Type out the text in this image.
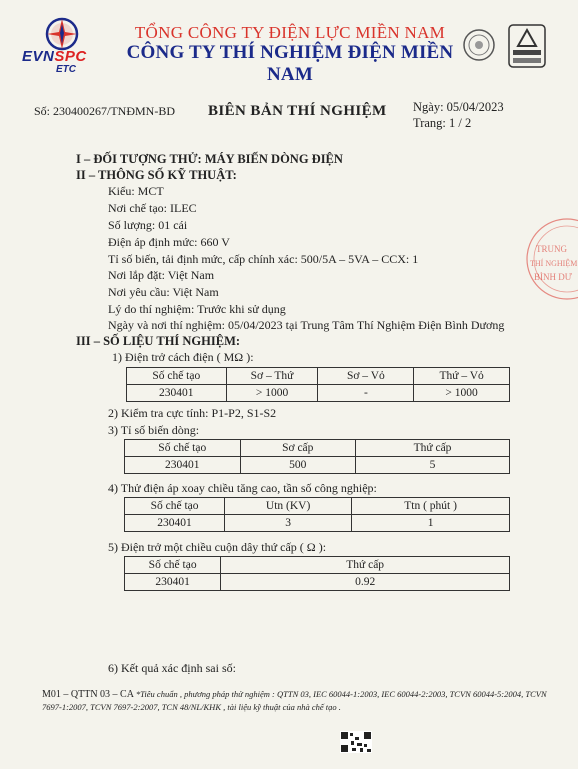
EVNSPC
ETC
TỔNG CÔNG TY ĐIỆN LỰC MIỀN NAM
CÔNG TY THÍ NGHIỆM ĐIỆN MIỀN NAM
Số: 230400267/TNĐMN-BD BIÊN BẢN THÍ NGHIỆM Ngày: 05/04/2023
Trang: 1 / 2
I – ĐỐI TƯỢNG THỬ: MÁY BIẾN DÒNG ĐIỆN
II – THÔNG SỐ KỸ THUẬT:
Kiểu: MCT
Nơi chế tạo: ILEC
Số lượng: 01 cái
Điện áp định mức: 660 V
Tỉ số biến, tải định mức, cấp chính xác: 500/5A – 5VA – CCX: 1
Nơi lắp đặt: Việt Nam
Nơi yêu cầu: Việt Nam
Lý do thí nghiệm: Trước khi sử dụng
Ngày và nơi thí nghiệm: 05/04/2023 tại Trung Tâm Thí Nghiệm Điện Bình Dương
III – SỐ LIỆU THÍ NGHIỆM:
1) Điện trở cách điện ( MΩ ):
Số chế tạo	Sơ – Thứ	Sơ – Vỏ	Thứ – Vỏ
230401	> 1000	-	> 1000
2) Kiểm tra cực tính: P1-P2, S1-S2
3) Tỉ số biến dòng:
Số chế tạo	Sơ cấp	Thứ cấp
230401	500	5
4) Thử điện áp xoay chiều tăng cao, tần số công nghiệp:
Số chế tạo	Utn (KV)	Ttn ( phút )
230401	3	1
5) Điện trở một chiều cuộn dây thứ cấp ( Ω ):
Số chế tạo	Thứ cấp
230401	0.92
6) Kết quả xác định sai số:
TRUNG
THÍ NGHIỆM
BÌNH DƯ
M01 – QTTN 03 – CA *Tiêu chuẩn , phương pháp thử nghiệm : QTTN 03, IEC 60044-1:2003, IEC 60044-2:2003, TCVN 60044-5:2004, TCVN 7697-1:2007, TCVN 7697-2:2007, TCN 48/NL/KHK , tài liệu kỹ thuật của nhà chế tạo .
